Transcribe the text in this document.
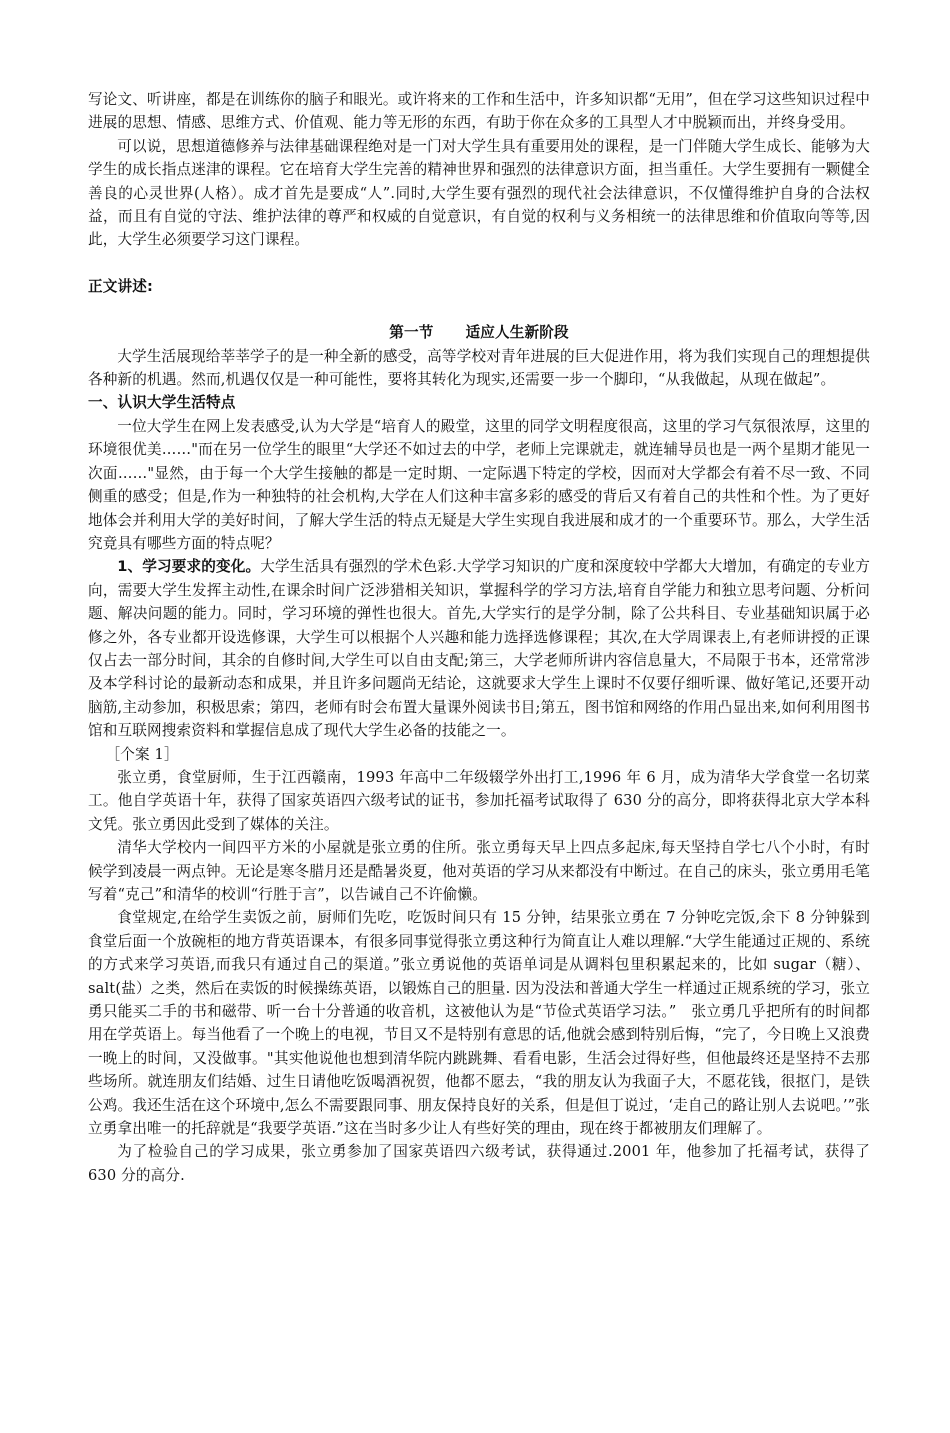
写论文、听讲座，都是在训练你的脑子和眼光。或许将来的工作和生活中，许多知识都“无用”，但在学习这些知识过程中进展的思想、情感、思维方式、价值观、能力等无形的东西，有助于你在众多的工具型人才中脱颖而出，并终身受用。

可以说，思想道德修养与法律基础课程绝对是一门对大学生具有重要用处的课程，是一门伴随大学生成长、能够为大学生的成长指点迷津的课程。它在培育大学生完善的精神世界和强烈的法律意识方面，担当重任。大学生要拥有一颗健全善良的心灵世界(人格）。成才首先是要成“人”.同时,大学生要有强烈的现代社会法律意识，不仅懂得维护自身的合法权益，而且有自觉的守法、维护法律的尊严和权威的自觉意识，有自觉的权利与义务相统一的法律思维和价值取向等等,因此，大学生必须要学习这门课程。

正文讲述:

第一节 适应人生新阶段

大学生活展现给莘莘学子的是一种全新的感受，高等学校对青年进展的巨大促进作用，将为我们实现自己的理想提供各种新的机遇。然而,机遇仅仅是一种可能性，要将其转化为现实,还需要一步一个脚印，“从我做起，从现在做起”。

一、认识大学生活特点

一位大学生在网上发表感受,认为大学是“培育人的殿堂，这里的同学文明程度很高，这里的学习气氛很浓厚，这里的环境很优美……"而在另一位学生的眼里“大学还不如过去的中学，老师上完课就走，就连辅导员也是一两个星期才能见一次面……"显然，由于每一个大学生接触的都是一定时期、一定际遇下特定的学校，因而对大学都会有着不尽一致、不同侧重的感受；但是,作为一种独特的社会机构,大学在人们这种丰富多彩的感受的背后又有着自己的共性和个性。为了更好地体会并利用大学的美好时间，了解大学生活的特点无疑是大学生实现自我进展和成才的一个重要环节。那么，大学生活究竟具有哪些方面的特点呢？

1、学习要求的变化。大学生活具有强烈的学术色彩.大学学习知识的广度和深度较中学都大大增加，有确定的专业方向，需要大学生发挥主动性,在课余时间广泛涉猎相关知识，掌握科学的学习方法,培育自学能力和独立思考问题、分析问题、解决问题的能力。同时，学习环境的弹性也很大。首先,大学实行的是学分制，除了公共科目、专业基础知识属于必修之外，各专业都开设选修课，大学生可以根据个人兴趣和能力选择选修课程；其次,在大学周课表上,有老师讲授的正课仅占去一部分时间，其余的自修时间,大学生可以自由支配;第三，大学老师所讲内容信息量大，不局限于书本，还常常涉及本学科讨论的最新动态和成果，并且许多问题尚无结论，这就要求大学生上课时不仅要仔细听课、做好笔记,还要开动脑筋,主动参加，积极思索；第四，老师有时会布置大量课外阅读书目;第五，图书馆和网络的作用凸显出来,如何利用图书馆和互联网搜索资料和掌握信息成了现代大学生必备的技能之一。

［个案 1］

张立勇，食堂厨师，生于江西赣南，1993 年高中二年级辍学外出打工,1996 年 6 月，成为清华大学食堂一名切菜工。他自学英语十年，获得了国家英语四六级考试的证书，参加托福考试取得了 630 分的高分，即将获得北京大学本科文凭。张立勇因此受到了媒体的关注。

清华大学校内一间四平方米的小屋就是张立勇的住所。张立勇每天早上四点多起床,每天坚持自学七八个小时，有时候学到凌晨一两点钟。无论是寒冬腊月还是酷暑炎夏，他对英语的学习从来都没有中断过。在自己的床头，张立勇用毛笔写着“克己”和清华的校训“行胜于言”，以告诫自己不许偷懒。

食堂规定,在给学生卖饭之前，厨师们先吃，吃饭时间只有 15 分钟，结果张立勇在 7 分钟吃完饭,余下 8 分钟躲到食堂后面一个放碗柜的地方背英语课本，有很多同事觉得张立勇这种行为简直让人难以理解.“大学生能通过正规的、系统的方式来学习英语,而我只有通过自己的渠道。”张立勇说他的英语单词是从调料包里积累起来的，比如 sugar（糖）、salt(盐）之类，然后在卖饭的时候操练英语，以锻炼自己的胆量. 因为没法和普通大学生一样通过正规系统的学习，张立勇只能买二手的书和磁带、听一台十分普通的收音机，这被他认为是“节俭式英语学习法。”　张立勇几乎把所有的时间都用在学英语上。每当他看了一个晚上的电视，节目又不是特别有意思的话,他就会感到特别后悔，“完了，今日晚上又浪费一晚上的时间，又没做事。"其实他说他也想到清华院内跳跳舞、看看电影，生活会过得好些，但他最终还是坚持不去那些场所。就连朋友们结婚、过生日请他吃饭喝酒祝贺，他都不愿去，“我的朋友认为我面子大，不愿花钱，很抠门，是铁公鸡。我还生活在这个环境中,怎么不需要跟同事、朋友保持良好的关系，但是但丁说过，‘走自己的路让别人去说吧。’”张立勇拿出唯一的托辞就是“我要学英语.”这在当时多少让人有些好笑的理由，现在终于都被朋友们理解了。

为了检验自己的学习成果，张立勇参加了国家英语四六级考试，获得通过.2001 年，他参加了托福考试，获得了 630 分的高分.
